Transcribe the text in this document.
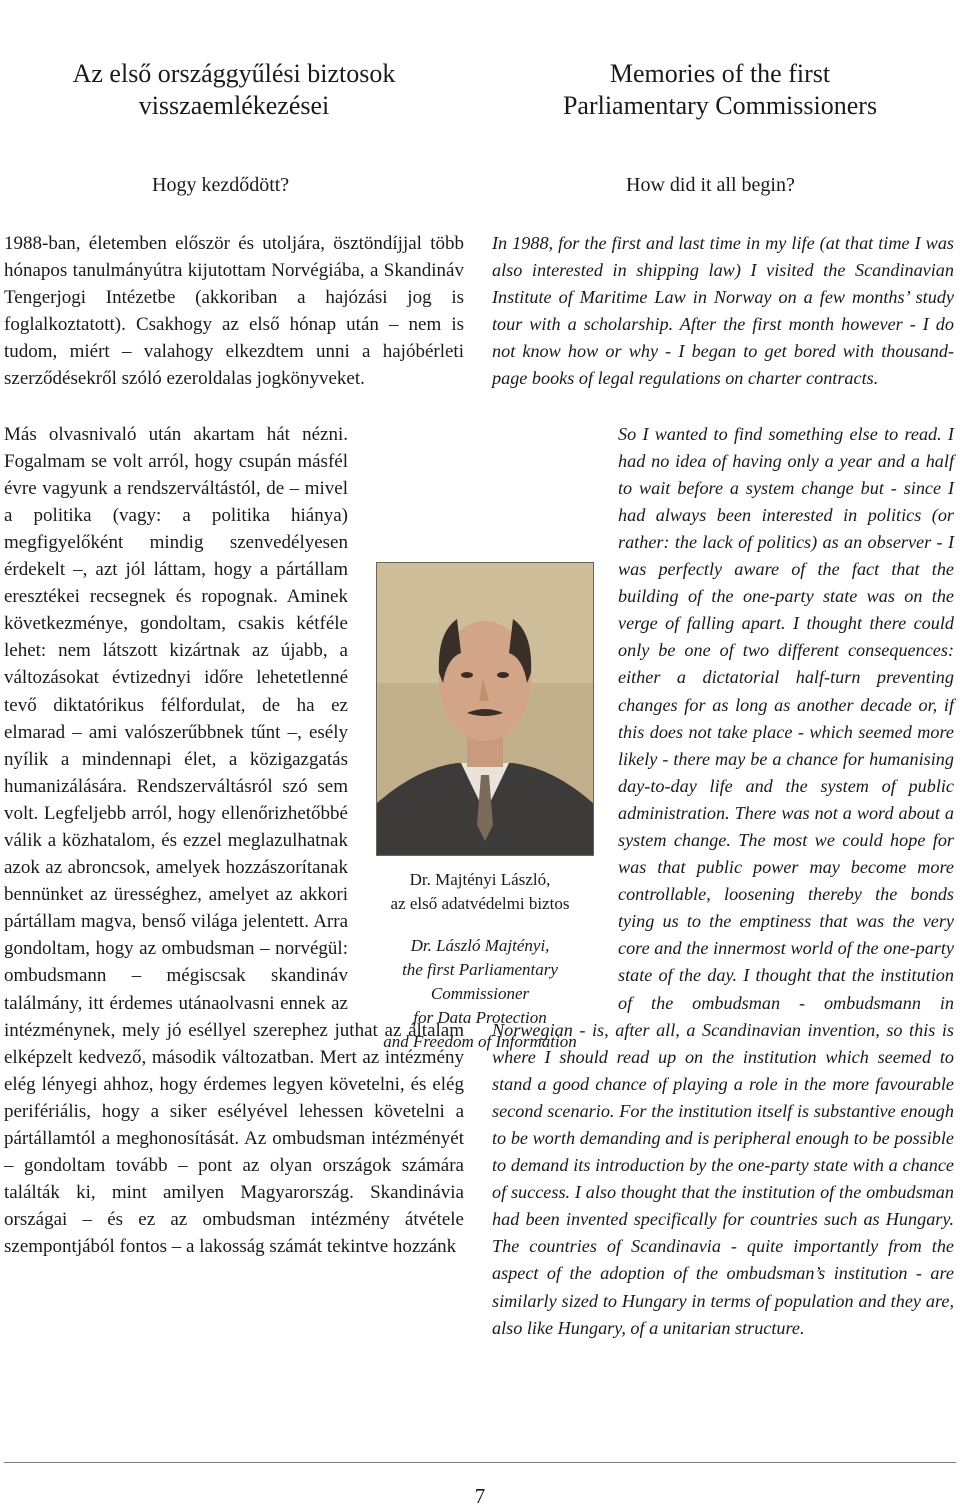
Az első országgyűlési biztosok
visszaemlékezései
Memories of the first
Parliamentary Commissioners
Hogy kezdődött?	How did it all begin?

1988-ban, életemben először és utoljára, ösztöndíjjal több hónapos tanulmányútra kijutottam Norvégiába, a Skandináv Tengerjogi Intézetbe (akkoriban a hajózási jog is foglalkoztatott). Csakhogy az első hónap után – nem is tudom, miért – valahogy elkezdtem unni a hajóbérleti szerződésekről szóló ezeroldalas jogkönyveket.

Más olvasnivaló után akartam hát nézni. Fogalmam se volt arról, hogy csupán másfél évre vagyunk a rendszerváltástól, de – mivel a politika (vagy: a politika hiánya) megfigyelőként mindig szenvedélyesen érdekelt –, azt jól láttam, hogy a pártállam eresztékei recsegnek és ropognak. Aminek következménye, gondoltam, csakis kétféle lehet: nem látszott kizártnak az újabb, a változásokat évtizednyi időre lehetetlenné tevő diktatórikus félfordulat, de ha ez elmarad – ami valószerűbbnek tűnt –, esély nyílik a mindennapi élet, a közigazgatás humanizálására. Rendszerváltásról szó sem volt. Legfeljebb arról, hogy ellenőrizhetőbbé válik a közhatalom, és ezzel meglazulhatnak azok az abroncsok, amelyek hozzászorítanak bennünket az ürességhez, amelyet az akkori pártállam magva, benső világa jelentett. Arra gondoltam, hogy az ombudsman – norvégül: ombudsmann – mégiscsak skandináv találmány, itt érdemes utánaolvasni ennek az intézménynek, mely jó eséllyel szerephez juthat az általam elképzelt kedvező, második változatban. Mert az intézmény elég lényegi ahhoz, hogy érdemes legyen követelni, és elég perifériális, hogy a siker esélyével lehessen követelni a pártállamtól a meghonosítását. Az ombudsman intézményét – gondoltam tovább – pont az olyan országok számára találták ki, mint amilyen Magyarország. Skandinávia országai – és ez az ombudsman intézmény átvétele szempontjából fontos – a lakosság számát tekintve hozzánk

In 1988, for the first and last time in my life (at that time I was also interested in shipping law) I visited the Scandinavian Institute of Maritime Law in Norway on a few months’ study tour with a scholarship. After the first month however - I do not know how or why - I began to get bored with thousand-page books of legal regulations on charter contracts.

So I wanted to find something else to read. I had no idea of having only a year and a half to wait before a system change but - since I had always been interested in politics (or rather: the lack of politics) as an observer - I was perfectly aware of the fact that the building of the one-party state was on the verge of falling apart. I thought there could only be one of two different consequences: either a dictatorial half-turn preventing changes for as long as another decade or, if this does not take place - which seemed more likely - there may be a chance for humanising day-to-day life and the system of public administration. There was not a word about a system change. The most we could hope for was that public power may become more controllable, loosening thereby the bonds tying us to the emptiness that was the very core and the innermost world of the one-party state of the day. I thought that the institution of the ombudsman - ombudsmann in Norwegian - is, after all, a Scandinavian invention, so this is where I should read up on the institution which seemed to stand a good chance of playing a role in the more favourable second scenario. For the institution itself is substantive enough to be worth demanding and is peripheral enough to be possible to demand its introduction by the one-party state with a chance of success. I also thought that the institution of the ombudsman had been invented specifically for countries such as Hungary. The countries of Scandinavia - quite importantly from the aspect of the adoption of the ombudsman’s institution - are similarly sized to Hungary in terms of population and they are, also like Hungary, of a unitarian structure.

Dr. Majtényi László,
az első adatvédelmi biztos
Dr. László Majtényi,
the first Parliamentary
Commissioner
for Data Protection
and Freedom of Information
7
